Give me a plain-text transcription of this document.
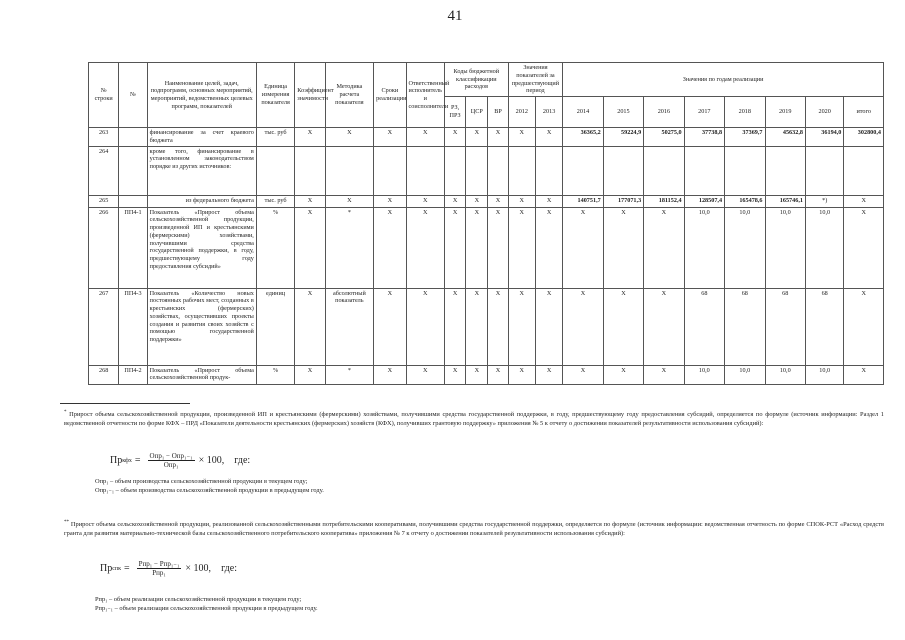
41
№ строки	№	Наименование целей, задач, подпрограмм, основных мероприятий, мероприятий, ведомственных целевых программ, показателей	Единица измерения показателя	Коэффициент значимости	Методика расчета показателя	Сроки реализации	Ответственный исполнитель и соисполнители	Коды бюджетной классификации расходов			Значения показателей за предшествующий период		Значения по годам реализации							
								РЗ, ПРЗ	ЦСР	ВР	2012	2013	2014	2015	2016	2017	2018	2019	2020	итого
263		финансирование за счет краевого бюджета	тыс. руб	X	X	X	X	X	X	X	X	X	36365,2	59224,9	50275,0	37738,8	37369,7	45632,8	36194,0	302800,4
264		кроме того, финансирование в установленном законодательством порядке из других источников:																		
265		из федерального бюджета	тыс. руб	X	X	X	X	X	X	X	X	X	140751,7	177071,3	181152,4	128507,4	165478,6	165746,1	*)	X
266	ПП4-1	Показатель «Прирост объема сельскохозяйственной продукции, произведенной ИП и крестьянскими (фермерскими) хозяйствами, получившими средства государственной поддержки, в году, предшествующему году предоставления субсидий»	%	X	*	X	X	X	X	X	X	X	X	X	X	10,0	10,0	10,0	10,0	X
267	ПП4-3	Показатель «Количество новых постоянных рабочих мест, созданных в крестьянских (фермерских) хозяйствах, осуществивших проекты создания и развития своих хозяйств с помощью государственной поддержки»	единиц	X	абсолютный показатель	X	X	X	X	X	X	X	X	X	X	68	68	68	68	X
268	ПП4-2	Показатель «Прирост объема сельскохозяйственной продук-	%	X	*	X	X	X	X	X	X	X	X	X	X	10,0	10,0	10,0	10,0	X
* Прирост объема сельскохозяйственной продукции, произведенной ИП и крестьянскими (фермерскими) хозяйствами, получившими средства государственной поддержки, в году, предшествующему году предоставления субсидий, определяется по формуле (источник информации: Раздел 1 ведомственной отчетности по форме КФХ – ПРД «Показатели деятельности крестьянских (фермерских) хозяйств (КФХ), получивших грантовую поддержку» приложения № 5 к отчету о достижении показателей результативности использования субсидий):
Пр кфх = $\frac{\text{Опр₁ − Опр₁₋₁}}{\text{Опр₁}} \times 100$, где:
Опр₁ – объем производства сельскохозяйственной продукции в текущем году;
Опр₁₋₁ – объем производства сельскохозяйственной продукции в предыдущем году.
** Прирост объема сельскохозяйственной продукции, реализованной сельскохозяйственными потребительскими кооперативами, получившими средства государственной поддержки, определяется по формуле (источник информации: ведомственная отчетность по форме СПОК-РСТ «Расход средств гранта для развития материально-технической базы сельскохозяйственного потребительского кооператива» приложения № 7 к отчету о достижении показателей результативности использования субсидий):
Пр спк = $\frac{\text{Рпр₁ − Рпр₁₋₁}}{\text{Рпр₁}} \times 100$, где:
Рпр₁ – объем реализации сельскохозяйственной продукции в текущем году;
Рпр₁₋₁ – объем реализации сельскохозяйственной продукции в предыдущем году.
